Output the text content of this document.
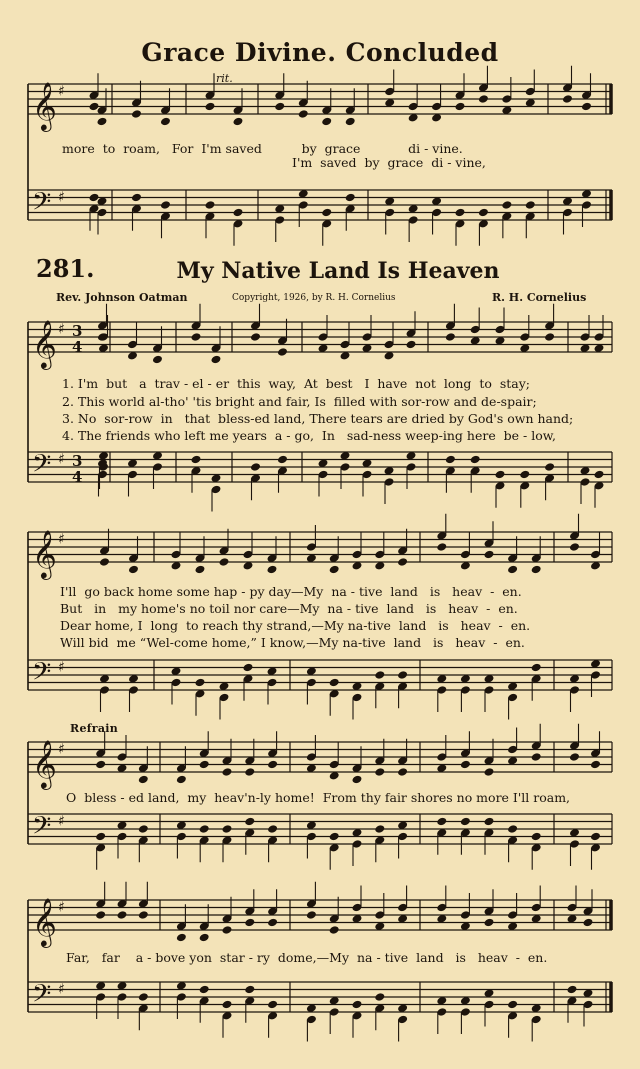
Grace Divine. Concluded
281.	My Native Land Is Heaven
Rev. Johnson Oatman	Copyright, 1926, by R. H. Cornelius	R. H. Cornelius
rit.
more  to  roam,   For  I'm saved          by  grace            di - vine.
I'm  saved  by  grace  di - vine,
1. I'm  but   a  trav - el - er  this  way,  At  best   I  have  not  long  to  stay;
2. This world al-tho' 'tis bright and fair, Is  filled with sor-row and de-spair;
3. No  sor-row  in   that  bless-ed land, There tears are dried by God's own hand;
4. The friends who left me years  a - go,  In   sad-ness weep-ing here  be - low,
I'll  go back home some hap - py day—My  na - tive  land   is   heav  -  en.
But   in   my home's no toil nor care—My  na - tive  land   is   heav  -  en.
Dear home, I  long  to reach thy strand,—My na-tive  land   is   heav  -  en.
Will bid  me “Wel-come home,” I know,—My na-tive  land   is   heav  -  en.
Refrain
O  bless - ed land,  my  heav'n-ly home!  From thy fair shores no more I'll roam,
Far,   far    a - bove yon  star - ry  dome,—My  na - tive  land   is   heav  -  en.
𝄞 ♯
𝄢 ♯
𝄞 ♯ 3
4
𝄢 ♯ 3
4
𝄞 ♯
𝄢 ♯
𝄞 ♯
𝄢 ♯
𝄞 ♯
𝄢 ♯
